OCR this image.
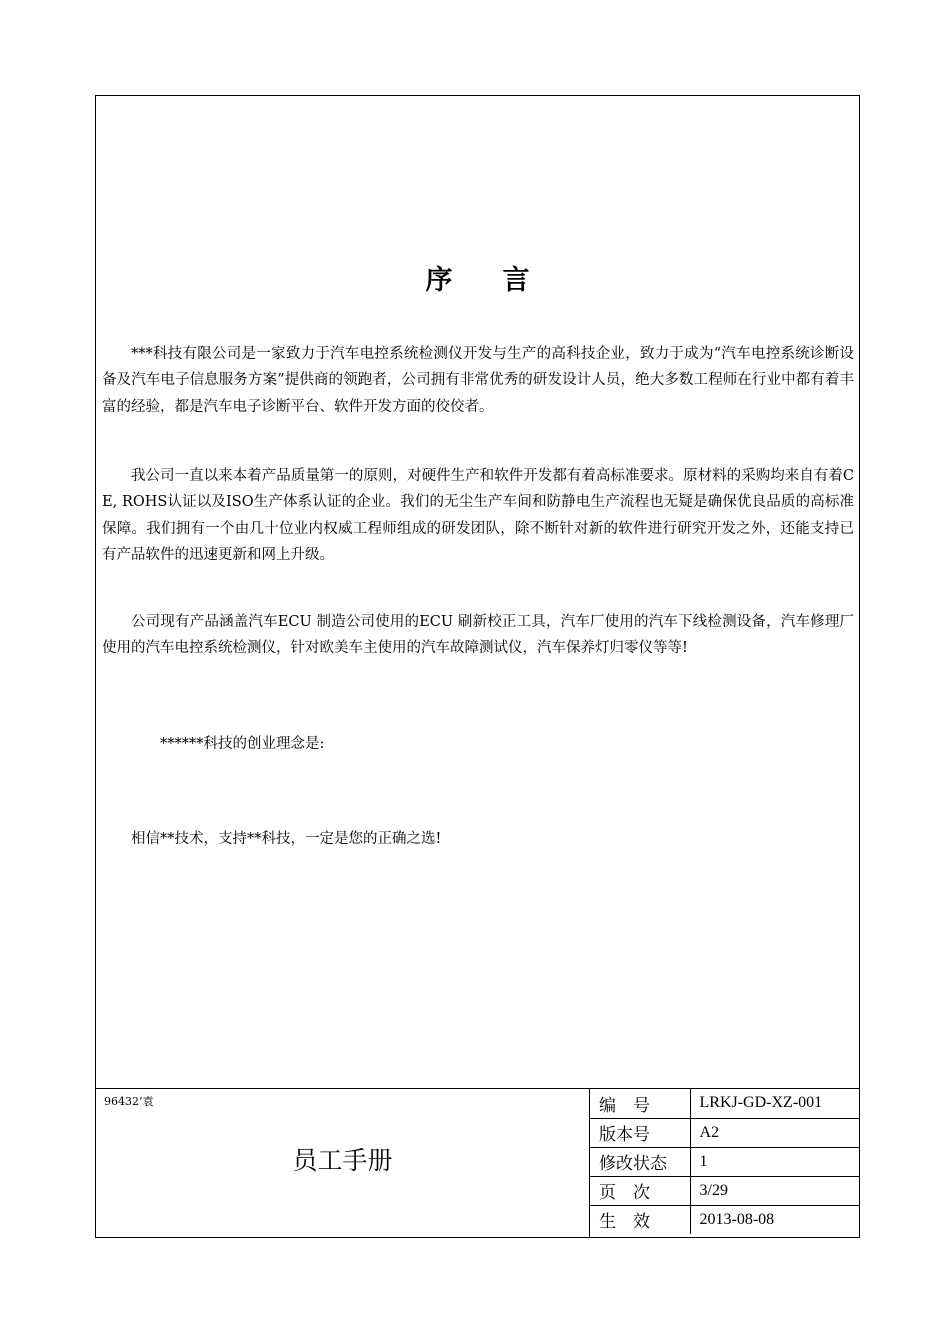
序言

***科技有限公司是一家致力于汽车电控系统检测仪开发与生产的高科技企业，致力于成为“汽车电控系统诊断设备及汽车电子信息服务方案”提供商的领跑者，公司拥有非常优秀的研发设计人员，绝大多数工程师在行业中都有着丰富的经验，都是汽车电子诊断平台、软件开发方面的佼佼者。

我公司一直以来本着产品质量第一的原则，对硬件生产和软件开发都有着高标准要求。原材料的采购均来自有着CE, ROHS认证以及ISO生产体系认证的企业。我们的无尘生产车间和防静电生产流程也无疑是确保优良品质的高标准保障。我们拥有一个由几十位业内权威工程师组成的研发团队，除不断针对新的软件进行研究开发之外，还能支持已有产品软件的迅速更新和网上升级。

公司现有产品涵盖汽车ECU 制造公司使用的ECU 刷新校正工具，汽车厂使用的汽车下线检测设备，汽车修理厂使用的汽车电控系统检测仪，针对欧美车主使用的汽车故障测试仪，汽车保养灯归零仪等等!

******科技的创业理念是:

相信**技术，支持**科技，一定是您的正确之选!

96432‘袁
员工手册
编　号	LRKJ-GD-XZ-001
版本号	A2
修改状态	1
页　次	3/29
生　效	2013-08-08
